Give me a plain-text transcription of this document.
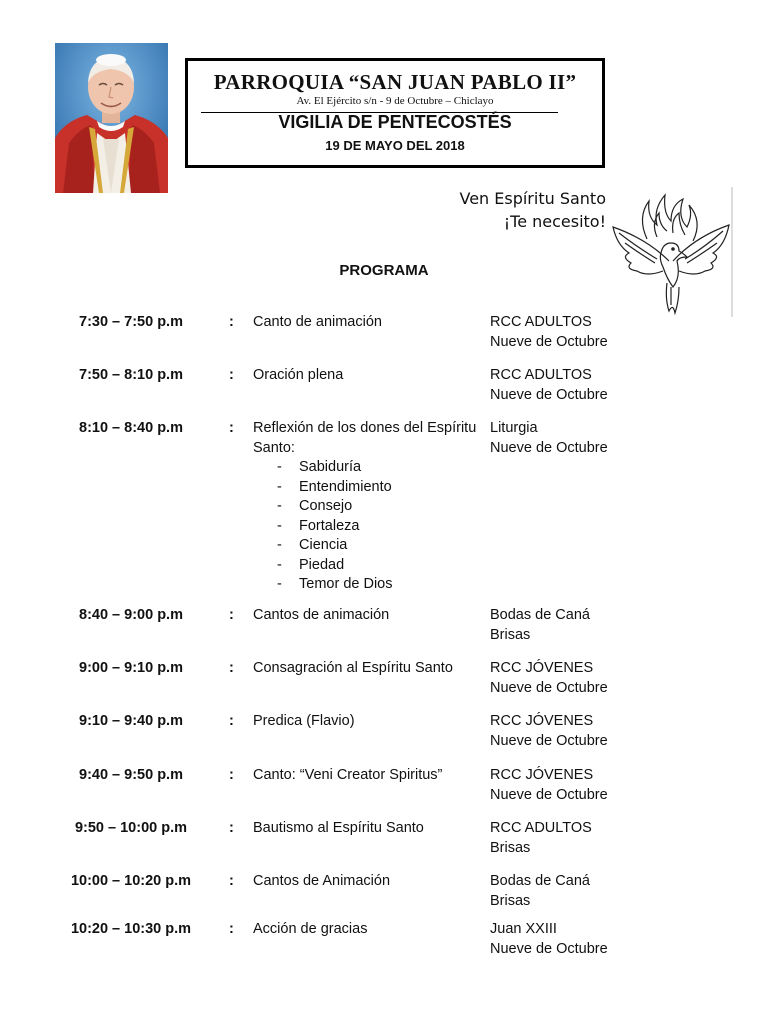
PARROQUIA “SAN JUAN PABLO II”
Av. El Ejército s/n - 9 de Octubre – Chiclayo
VIGILIA DE PENTECOSTÉS
19 DE MAYO DEL 2018
Ven Espíritu Santo
¡Te necesito!
PROGRAMA
7:30 – 7:50 p.m	: Canto de animación	RCC ADULTOS
Nueve de Octubre
7:50 – 8:10 p.m	: Oración plena	RCC ADULTOS
Nueve de Octubre
8:10 – 8:40 p.m	: Reflexión de los dones del Espíritu Santo:
- Sabiduría
- Entendimiento
- Consejo
- Fortaleza
- Ciencia
- Piedad
- Temor de Dios
Liturgia
Nueve de Octubre
8:40 – 9:00 p.m	: Cantos de animación	Bodas de Caná
Brisas
9:00 – 9:10 p.m	: Consagración al Espíritu Santo	RCC JÓVENES
Nueve de Octubre
9:10 – 9:40 p.m	: Predica (Flavio)	RCC JÓVENES
Nueve de Octubre
9:40 – 9:50 p.m	: Canto: “Veni Creator Spiritus”	RCC JÓVENES
Nueve de Octubre
9:50 – 10:00 p.m	: Bautismo al Espíritu Santo	RCC ADULTOS
Brisas
10:00 – 10:20 p.m	: Cantos de Animación	Bodas de Caná
Brisas
10:20 – 10:30 p.m	: Acción de gracias	Juan XXIII
Nueve de Octubre
